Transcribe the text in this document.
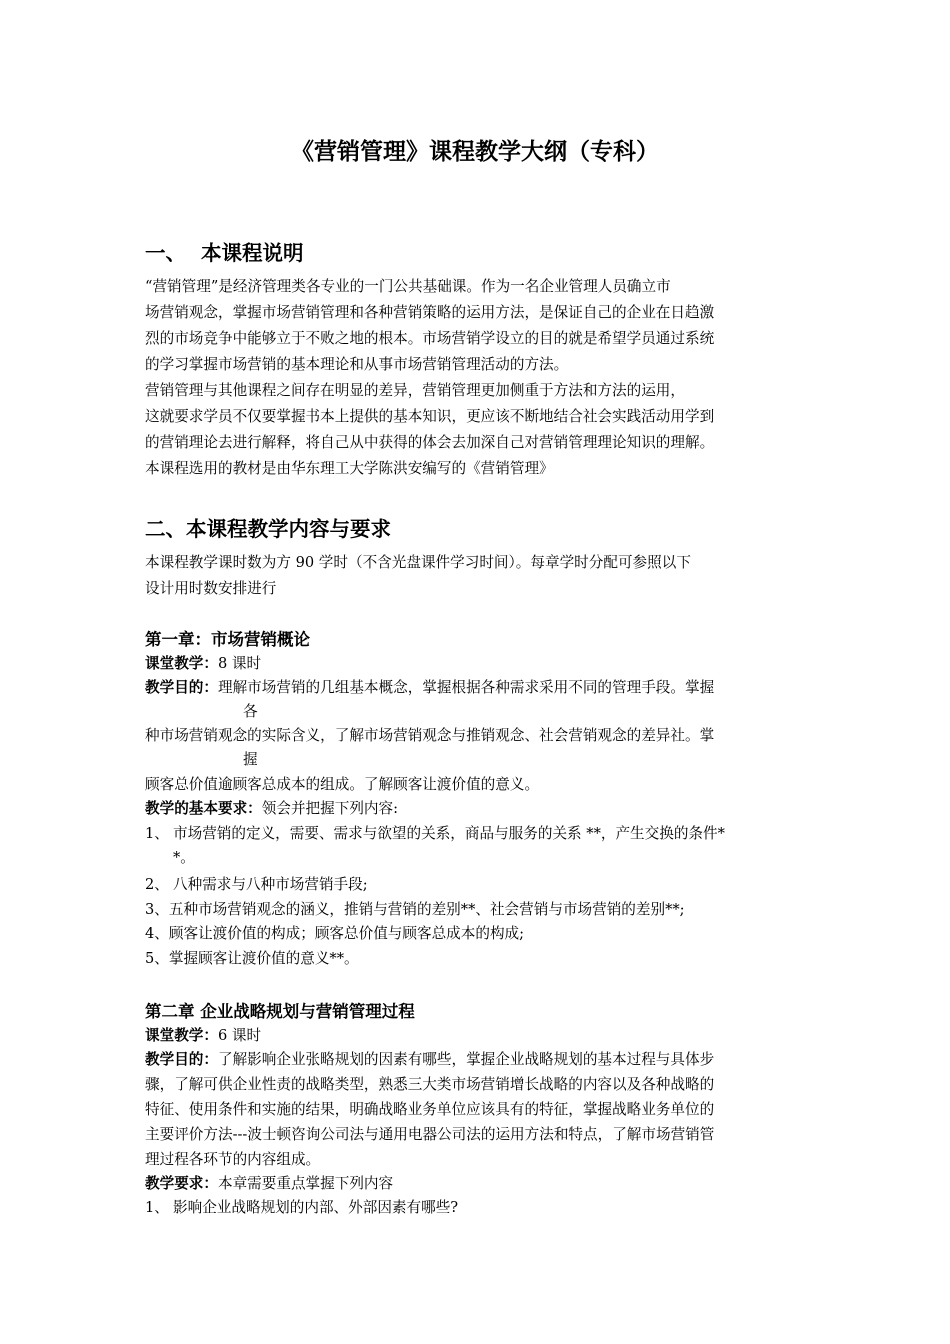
《营销管理》课程教学大纲（专科）
一、 本课程说明
“营销管理”是经济管理类各专业的一门公共基础课。作为一名企业管理人员确立市
场营销观念，掌握市场营销管理和各种营销策略的运用方法，是保证自己的企业在日趋激
烈的市场竞争中能够立于不败之地的根本。市场营销学设立的目的就是希望学员通过系统
的学习掌握市场营销的基本理论和从事市场营销管理活动的方法。
营销管理与其他课程之间存在明显的差异，营销管理更加侧重于方法和方法的运用，
这就要求学员不仅要掌握书本上提供的基本知识，更应该不断地结合社会实践活动用学到
的营销理论去进行解释，将自己从中获得的体会去加深自己对营销管理理论知识的理解。
本课程选用的教材是由华东理工大学陈洪安编写的《营销管理》
二、本课程教学内容与要求
本课程教学课时数为方 90 学时（不含光盘课件学习时间）。每章学时分配可参照以下
设计用时数安排进行
第一章：市场营销概论
课堂教学：8 课时
教学目的：理解市场营销的几组基本概念，掌握根据各种需求采用不同的管理手段。掌握
各
种市场营销观念的实际含义，了解市场营销观念与推销观念、社会营销观念的差异社。掌
握
顾客总价值逾顾客总成本的组成。了解顾客让渡价值的意义。
教学的基本要求：领会并把握下列内容:
1、 市场营销的定义，需要、需求与欲望的关系，商品与服务的关系 **，产生交换的条件*
*。
2、 八种需求与八种市场营销手段;
3、五种市场营销观念的涵义，推销与营销的差别**、社会营销与市场营销的差别**;
4、顾客让渡价值的构成；顾客总价值与顾客总成本的构成;
5、掌握顾客让渡价值的意义**。
第二章 企业战略规划与营销管理过程
课堂教学：6 课时
教学目的：了解影响企业张略规划的因素有哪些，掌握企业战略规划的基本过程与具体步
骤，了解可供企业性责的战略类型，熟悉三大类市场营销增长战略的内容以及各种战略的
特征、使用条件和实施的结果，明确战略业务单位应该具有的特征，掌握战略业务单位的
主要评价方法---波士顿咨询公司法与通用电器公司法的运用方法和特点，了解市场营销管
理过程各环节的内容组成。
教学要求：本章需要重点掌握下列内容
1、 影响企业战略规划的内部、外部因素有哪些?
